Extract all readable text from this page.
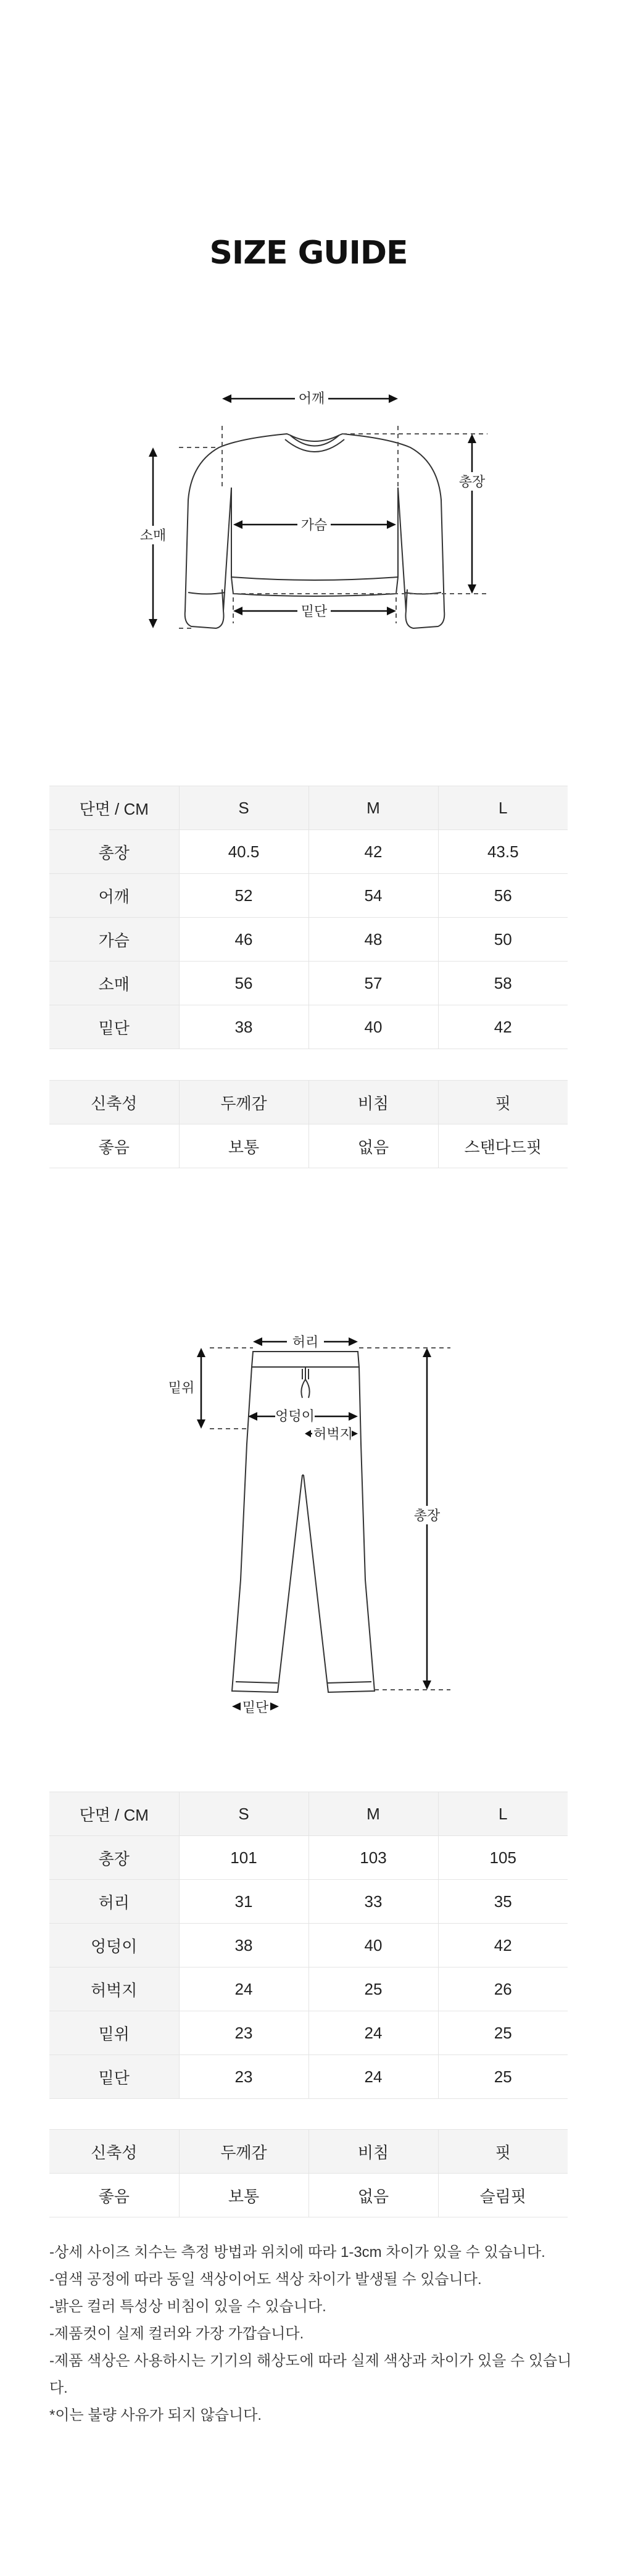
SIZE GUIDE
어깨
총장
가슴
소매
밑단
단면 / CM	S	M	L
총장	40.5	42	43.5
어깨	52	54	56
가슴	46	48	50
소매	56	57	58
밑단	38	40	42
신축성	두께감	비침	핏
좋음	보통	없음	스탠다드핏
허리
밑위
엉덩이
허벅지
총장
밑단
단면 / CM	S	M	L
총장	101	103	105
허리	31	33	35
엉덩이	38	40	42
허벅지	24	25	26
밑위	23	24	25
밑단	23	24	25
신축성	두께감	비침	핏
좋음	보통	없음	슬림핏
-상세 사이즈 치수는 측정 방법과 위치에 따라 1-3cm 차이가 있을 수 있습니다.
-염색 공정에 따라 동일 색상이어도 색상 차이가 발생될 수 있습니다.
-밝은 컬러 특성상 비침이 있을 수 있습니다.
-제품컷이 실제 컬러와 가장 가깝습니다.
-제품 색상은 사용하시는 기기의 해상도에 따라 실제 색상과 차이가 있을 수 있습니다.
*이는 불량 사유가 되지 않습니다.
